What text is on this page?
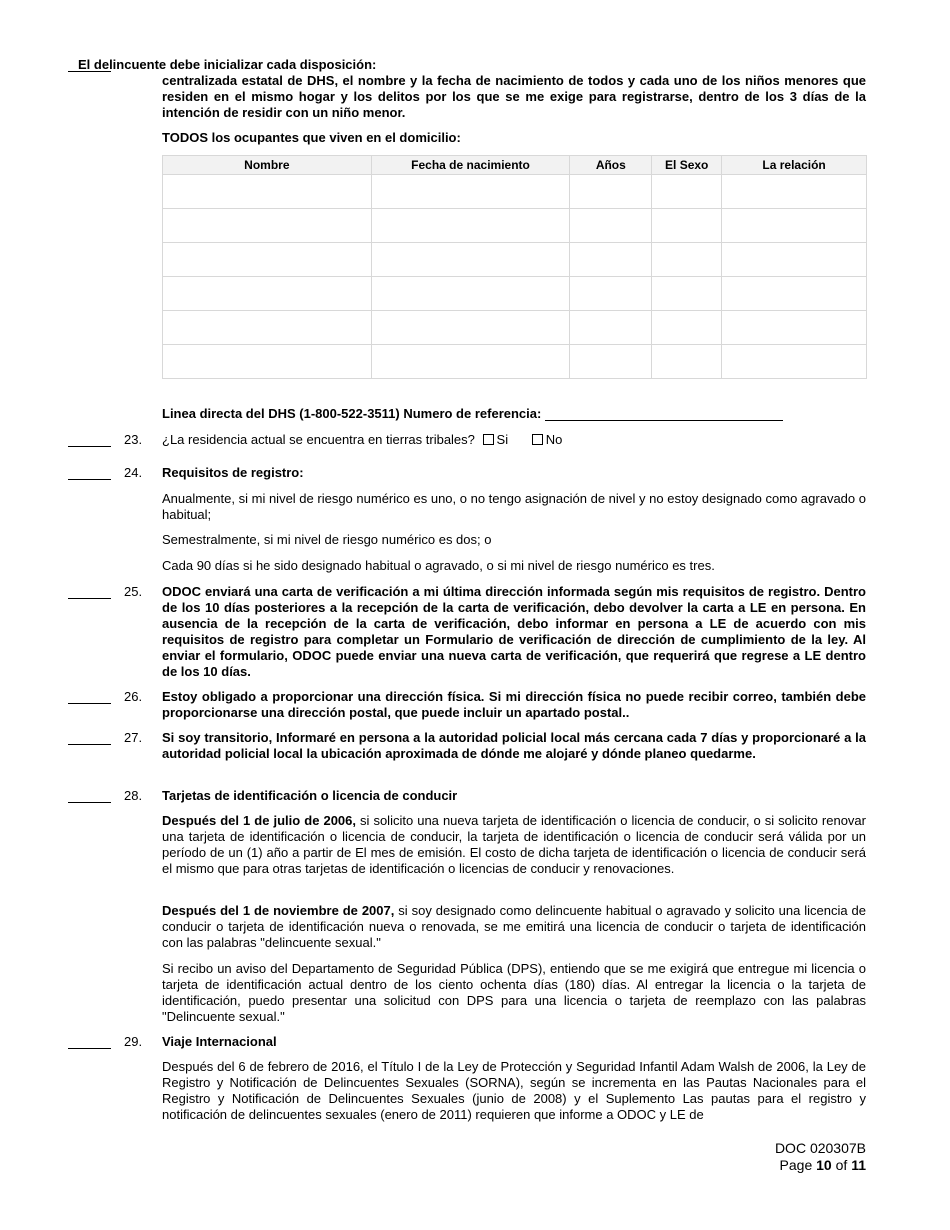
El delincuente debe inicializar cada disposición:
centralizada estatal de DHS, el nombre y la fecha de nacimiento de todos y cada uno de los niños menores que residen en el mismo hogar y los delitos por los que se me exige para registrarse, dentro de los 3 días de la intención de residir con un niño menor.
TODOS los ocupantes que viven en el domicilio:
Nombre	Fecha de nacimiento	Años	El Sexo	La relación

Linea directa del DHS (1-800-522-3511) Numero de referencia:
23.	¿La residencia actual se encuentra en tierras tribales? Si	No
24.	Requisitos de registro:
Anualmente, si mi nivel de riesgo numérico es uno, o no tengo asignación de nivel y no estoy designado como agravado o habitual;
Semestralmente, si mi nivel de riesgo numérico es dos; o
Cada 90 días si he sido designado habitual o agravado, o si mi nivel de riesgo numérico es tres.
25.	ODOC enviará una carta de verificación a mi última dirección informada según mis requisitos de registro. Dentro de los 10 días posteriores a la recepción de la carta de verificación, debo devolver la carta a LE en persona. En ausencia de la recepción de la carta de verificación, debo informar en persona a LE de acuerdo con mis requisitos de registro para completar un Formulario de verificación de dirección de cumplimiento de la ley. Al enviar el formulario, ODOC puede enviar una nueva carta de verificación, que requerirá que regrese a LE dentro de los 10 días.
26.	Estoy obligado a proporcionar una dirección física. Si mi dirección física no puede recibir correo, también debe proporcionarse una dirección postal, que puede incluir un apartado postal..
27.	Si soy transitorio, Informaré en persona a la autoridad policial local más cercana cada 7 días y proporcionaré a la autoridad policial local la ubicación aproximada de dónde me alojaré y dónde planeo quedarme.
28.	Tarjetas de identificación o licencia de conducir
Después del 1 de julio de 2006, si solicito una nueva tarjeta de identificación o licencia de conducir, o si solicito renovar una tarjeta de identificación o licencia de conducir, la tarjeta de identificación o licencia de conducir será válida por un período de un (1) año a partir de El mes de emisión. El costo de dicha tarjeta de identificación o licencia de conducir será el mismo que para otras tarjetas de identificación o licencias de conducir y renovaciones.
Después del 1 de noviembre de 2007, si soy designado como delincuente habitual o agravado y solicito una licencia de conducir o tarjeta de identificación nueva o renovada, se me emitirá una licencia de conducir o tarjeta de identificación con las palabras "delincuente sexual."
Si recibo un aviso del Departamento de Seguridad Pública (DPS), entiendo que se me exigirá que entregue mi licencia o tarjeta de identificación actual dentro de los ciento ochenta días (180) días. Al entregar la licencia o la tarjeta de identificación, puedo presentar una solicitud con DPS para una licencia o tarjeta de reemplazo con las palabras "Delincuente sexual."
29.	Viaje Internacional
Después del 6 de febrero de 2016, el Título I de la Ley de Protección y Seguridad Infantil Adam Walsh de 2006, la Ley de Registro y Notificación de Delincuentes Sexuales (SORNA), según se incrementa en las Pautas Nacionales para el Registro y Notificación de Delincuentes Sexuales (junio de 2008) y el Suplemento Las pautas para el registro y notificación de delincuentes sexuales (enero de 2011) requieren que informe a ODOC y LE de
DOC 020307B
Page 10 of 11
